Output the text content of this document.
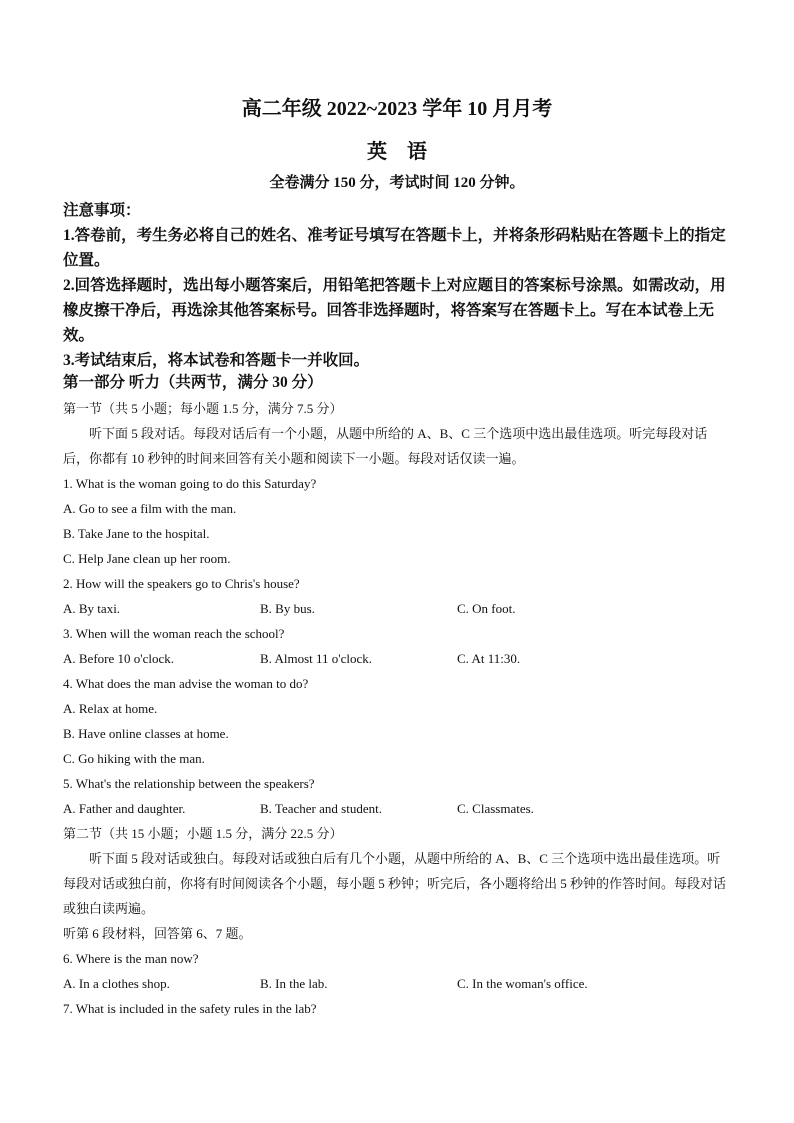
高二年级 2022~2023 学年 10 月月考
英语
全卷满分 150 分，考试时间 120 分钟。

注意事项：

1.答卷前，考生务必将自己的姓名、准考证号填写在答题卡上，并将条形码粘贴在答题卡上的指定位置。

2.回答选择题时，选出每小题答案后，用铅笔把答题卡上对应题目的答案标号涂黑。如需改动，用橡皮擦干净后，再选涂其他答案标号。回答非选择题时，将答案写在答题卡上。写在本试卷上无效。

3.考试结束后，将本试卷和答题卡一并收回。

第一部分 听力（共两节，满分 30 分）

第一节（共 5 小题；每小题 1.5 分，满分 7.5 分）

听下面 5 段对话。每段对话后有一个小题，从题中所给的 A、B、C 三个选项中选出最佳选项。听完每段对话后，你都有 10 秒钟的时间来回答有关小题和阅读下一小题。每段对话仅读一遍。

1. What is the woman going to do this Saturday?

A. Go to see a film with the man.

B. Take Jane to the hospital.

C. Help Jane clean up her room.

2. How will the speakers go to Chris's house?

A. By taxi.	B. By bus.	C. On foot.

3. When will the woman reach the school?

A. Before 10 o'clock.	B. Almost 11 o'clock.	C. At 11:30.

4. What does the man advise the woman to do?

A. Relax at home.

B. Have online classes at home.

C. Go hiking with the man.

5. What's the relationship between the speakers?

A. Father and daughter.	B. Teacher and student.	C. Classmates.

第二节（共 15 小题；小题 1.5 分，满分 22.5 分）

听下面 5 段对话或独白。每段对话或独白后有几个小题，从题中所给的 A、B、C 三个选项中选出最佳选项。听每段对话或独白前，你将有时间阅读各个小题，每小题 5 秒钟；听完后，各小题将给出 5 秒钟的作答时间。每段对话或独白读两遍。

听第 6 段材料，回答第 6、7 题。

6. Where is the man now?

A. In a clothes shop.	B. In the lab.	C. In the woman's office.

7. What is included in the safety rules in the lab?
